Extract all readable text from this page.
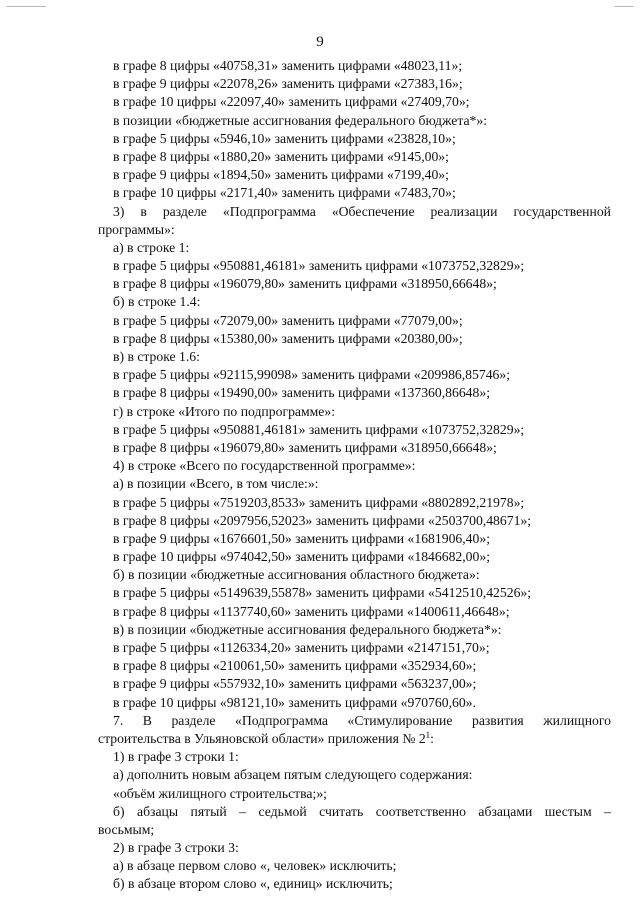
9
в графе 8 цифры «40758,31» заменить цифрами «48023,11»;
в графе 9 цифры «22078,26» заменить цифрами «27383,16»;
в графе 10 цифры «22097,40» заменить цифрами «27409,70»;
в позиции «бюджетные ассигнования федерального бюджета*»:
в графе 5 цифры «5946,10» заменить цифрами «23828,10»;
в графе 8 цифры «1880,20» заменить цифрами «9145,00»;
в графе 9 цифры «1894,50» заменить цифрами «7199,40»;
в графе 10 цифры «2171,40» заменить цифрами «7483,70»;
3) в разделе «Подпрограмма «Обеспечение реализации государственной
программы»:
а) в строке 1:
в графе 5 цифры «950881,46181» заменить цифрами «1073752,32829»;
в графе 8 цифры «196079,80» заменить цифрами «318950,66648»;
б) в строке 1.4:
в графе 5 цифры «72079,00» заменить цифрами «77079,00»;
в графе 8 цифры «15380,00» заменить цифрами «20380,00»;
в) в строке 1.6:
в графе 5 цифры «92115,99098» заменить цифрами «209986,85746»;
в графе 8 цифры «19490,00» заменить цифрами «137360,86648»;
г) в строке «Итого по подпрограмме»:
в графе 5 цифры «950881,46181» заменить цифрами «1073752,32829»;
в графе 8 цифры «196079,80» заменить цифрами «318950,66648»;
4) в строке «Всего по государственной программе»:
а) в позиции «Всего, в том числе:»:
в графе 5 цифры «7519203,8533» заменить цифрами «8802892,21978»;
в графе 8 цифры «2097956,52023» заменить цифрами «2503700,48671»;
в графе 9 цифры «1676601,50» заменить цифрами «1681906,40»;
в графе 10 цифры «974042,50» заменить цифрами «1846682,00»;
б) в позиции «бюджетные ассигнования областного бюджета»:
в графе 5 цифры «5149639,55878» заменить цифрами «5412510,42526»;
в графе 8 цифры «1137740,60» заменить цифрами «1400611,46648»;
в) в позиции «бюджетные ассигнования федерального бюджета*»:
в графе 5 цифры «1126334,20» заменить цифрами «2147151,70»;
в графе 8 цифры «210061,50» заменить цифрами «352934,60»;
в графе 9 цифры «557932,10» заменить цифрами «563237,00»;
в графе 10 цифры «98121,10» заменить цифрами «970760,60».
7. В разделе «Подпрограмма «Стимулирование развития жилищного
строительства в Ульяновской области» приложения № $2^1$:
1) в графе 3 строки 1:
а) дополнить новым абзацем пятым следующего содержания:
«объём жилищного строительства;»;
б) абзацы пятый – седьмой считать соответственно абзацами шестым –
восьмым;
2) в графе 3 строки 3:
а) в абзаце первом слово «, человек» исключить;
б) в абзаце втором слово «, единиц» исключить;
